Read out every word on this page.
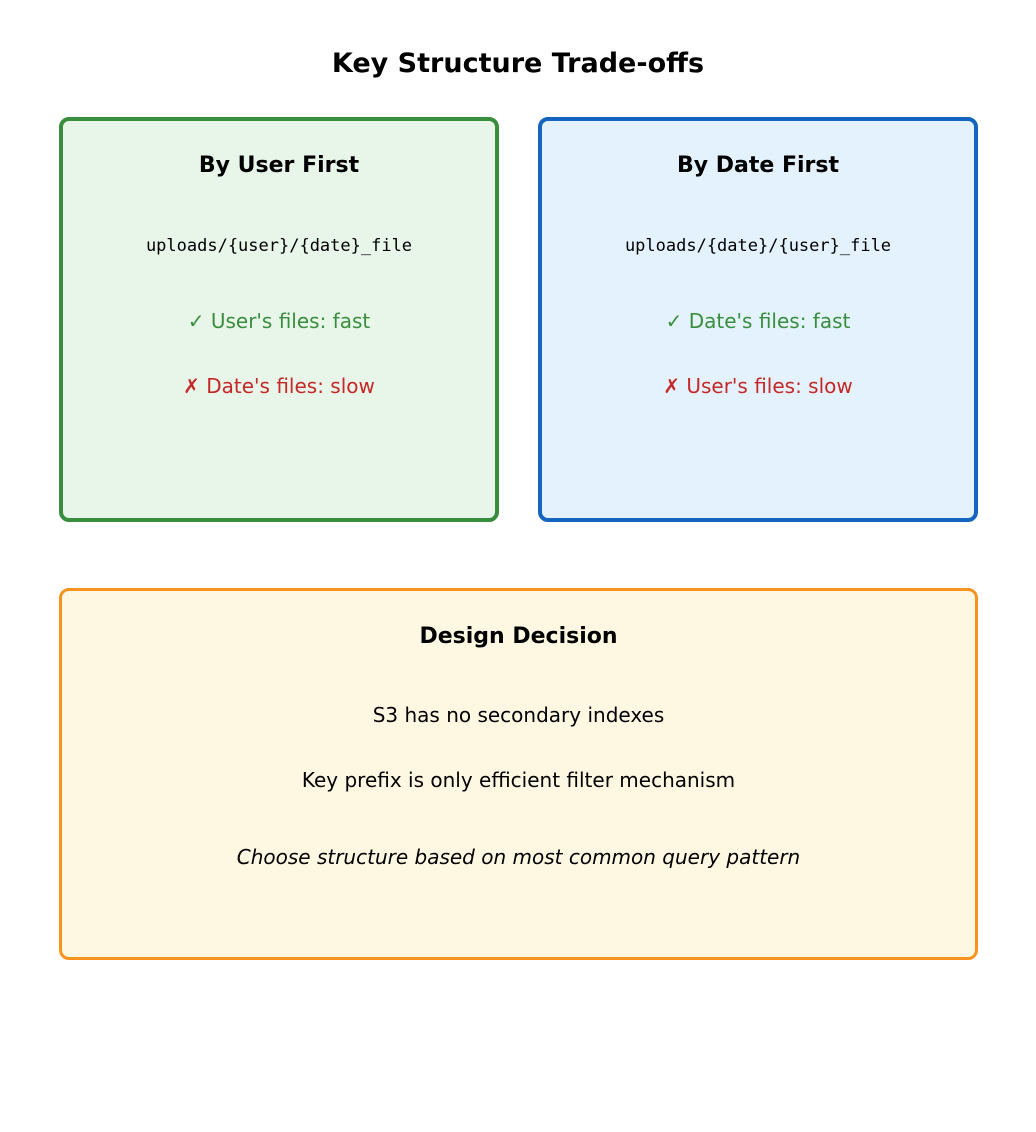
Key Structure Trade-offs
By User First
uploads/{user}/{date}_file
✓ User's files: fast
✗ Date's files: slow
By Date First
uploads/{date}/{user}_file
✓ Date's files: fast
✗ User's files: slow
Design Decision
S3 has no secondary indexes
Key prefix is only efficient filter mechanism
Choose structure based on most common query pattern
